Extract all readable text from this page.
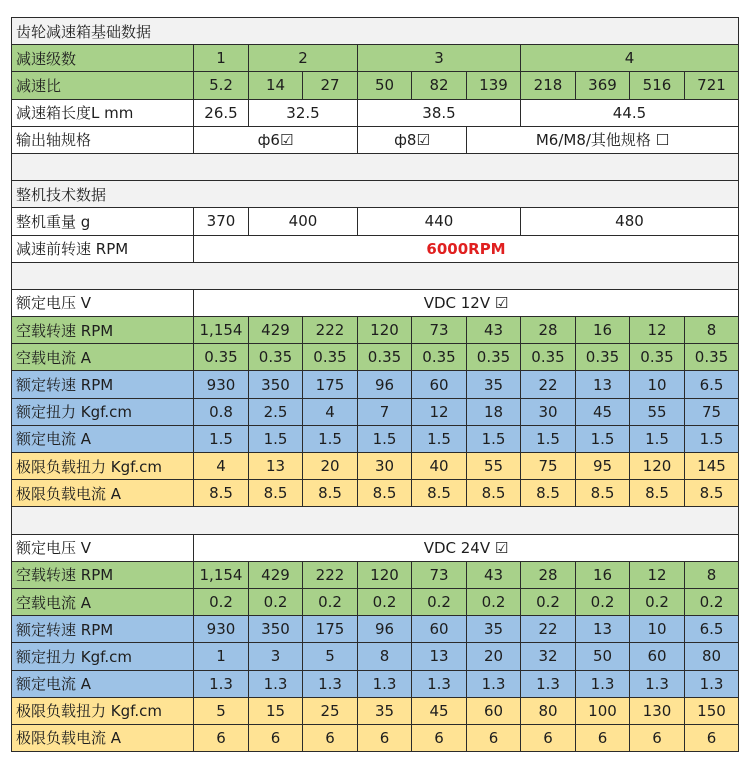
齿轮减速箱基础数据										
减速级数	1	2		3			4			
减速比	5.2	14	27	50	82	139	218	369	516	721
减速箱长度L mm	26.5	32.5		38.5			44.5			
输出轴规格	ф6☑			ф8☑		M6/M8/其他规格 ☐				

整机技术数据										
整机重量 g	370	400		440			480			
减速前转速 RPM	6000RPM									

额定电压 V	VDC 12V ☑									
空载转速 RPM	1,154	429	222	120	73	43	28	16	12	8
空载电流 A	0.35	0.35	0.35	0.35	0.35	0.35	0.35	0.35	0.35	0.35
额定转速 RPM	930	350	175	96	60	35	22	13	10	6.5
额定扭力 Kgf.cm	0.8	2.5	4	7	12	18	30	45	55	75
额定电流 A	1.5	1.5	1.5	1.5	1.5	1.5	1.5	1.5	1.5	1.5
极限负载扭力 Kgf.cm	4	13	20	30	40	55	75	95	120	145
极限负载电流 A	8.5	8.5	8.5	8.5	8.5	8.5	8.5	8.5	8.5	8.5

额定电压 V	VDC 24V ☑									
空载转速 RPM	1,154	429	222	120	73	43	28	16	12	8
空载电流 A	0.2	0.2	0.2	0.2	0.2	0.2	0.2	0.2	0.2	0.2
额定转速 RPM	930	350	175	96	60	35	22	13	10	6.5
额定扭力 Kgf.cm	1	3	5	8	13	20	32	50	60	80
额定电流 A	1.3	1.3	1.3	1.3	1.3	1.3	1.3	1.3	1.3	1.3
极限负载扭力 Kgf.cm	5	15	25	35	45	60	80	100	130	150
极限负载电流 A	6	6	6	6	6	6	6	6	6	6
